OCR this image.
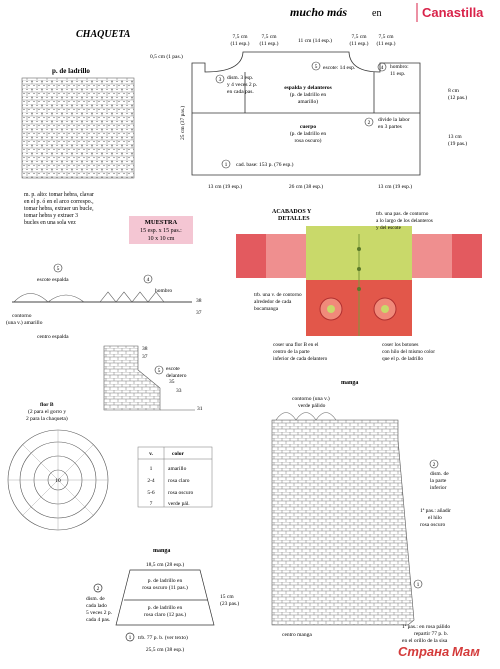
mucho más en	Canastilla
CHAQUETA
p. de ladrillo
m. p. alto: tomar hebra, clavar
en el p. ó en el arco correspo.,
tomar hebra, extraer un bucle,
tomar hebra y extraer 3
bucles en una sola vez	MUESTRA
15 esp. x 15 pas.:
10 x 10 cm
7,5 cm
(11 esp.)
7,5 cm
(11 esp.)	11 cm (14 esp.)
7,5 cm
(11 esp.)
7,5 cm
(11 esp.)
0,5 cm (1 pas.)
25 cm (37 pas.)
8 cm
(12 pas.)
13 cm
(19 pas.)
escote: 14 esp.	hombro:
11 esp.
dism. 3 esp.
y 4 veces 2 p.
en cada pas.
espalda y delanteros
(p. de ladrillo en
amarillo)
divide la labor
en 3 partes
cuerpo
(p. de ladrillo en
rosa oscuro)
cad. base: 153 p. (76 esp.)
13 cm (19 esp.)	26 cm (38 esp.)	13 cm (19 esp.)
5	4
3
2
1
ACABADOS Y
DETALLES
trb. una pas. de contorno
a lo largo de los delanteros
y del escote
trb. una v. de contorno
alrededor de cada
bocamanga
coser una flor B en el
centro de la parte
inferior de cada delantero
coser los botones
con hilo del mismo color
que el p. de ladrillo
5
4
escote espalda
hombro
38
37
contorno
(una v.) amarillo
centro espalda
38
37
35
33
31
5 escote
delantero
flor B
(2 para el gorro y
2 para la chaqueta)
10
v.	color
1	amarillo
2-4 rosa claro
5-6 rosa oscuro
7	verde pál.
manga
contorno (una v.)
verde pálido
2
1
dism. de
la parte
inferior
1ª pas.: añadir
el hilo
rosa oscuro
1ª pas.: en rosa pálido
repartir 77 p. b.
en el orillo de la sisa
centro manga
manga
18,5 cm (28 esp.)
p. de ladrillo en
rosa oscuro (11 pas.)
p. de ladrillo en
rosa claro (12 pas.)
2
1
dism. de
cada lado
5 veces 2 p.
cada 4 pas.
15 cm
(23 pas.)
trb. 77 p. b. (ver texto)
25,5 cm (38 esp.)	Страна Мам
